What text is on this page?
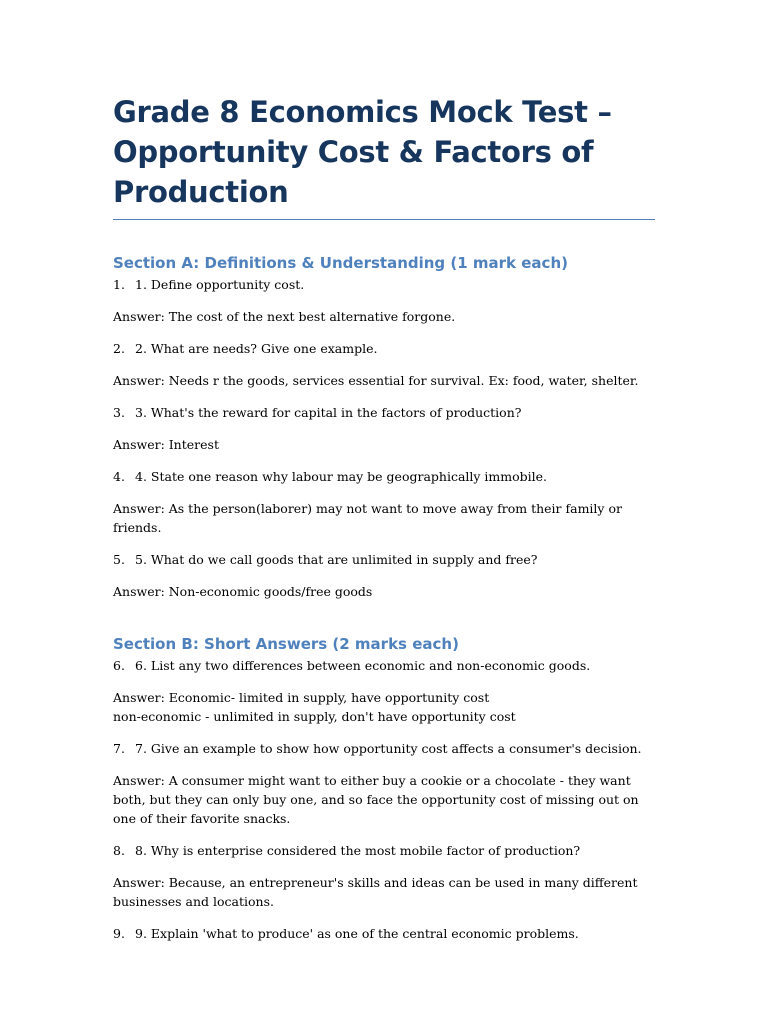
Grade 8 Economics Mock Test – Opportunity Cost & Factors of Production
Section A: Definitions & Understanding (1 mark each)

1. 1. Define opportunity cost.

Answer: The cost of the next best alternative forgone.

2. 2. What are needs? Give one example.

Answer: Needs r the goods, services essential for survival. Ex: food, water, shelter.

3. 3. What's the reward for capital in the factors of production?

Answer: Interest

4. 4. State one reason why labour may be geographically immobile.

Answer: As the person(laborer) may not want to move away from their family or friends.

5. 5. What do we call goods that are unlimited in supply and free?

Answer: Non-economic goods/free goods

Section B: Short Answers (2 marks each)

6. 6. List any two differences between economic and non-economic goods.

Answer: Economic- limited in supply, have opportunity cost
non-economic - unlimited in supply, don't have opportunity cost

7. 7. Give an example to show how opportunity cost affects a consumer's decision.

Answer: A consumer might want to either buy a cookie or a chocolate - they want both, but they can only buy one, and so face the opportunity cost of missing out on one of their favorite snacks.

8. 8. Why is enterprise considered the most mobile factor of production?

Answer: Because, an entrepreneur's skills and ideas can be used in many different businesses and locations.

9. 9. Explain 'what to produce' as one of the central economic problems.
